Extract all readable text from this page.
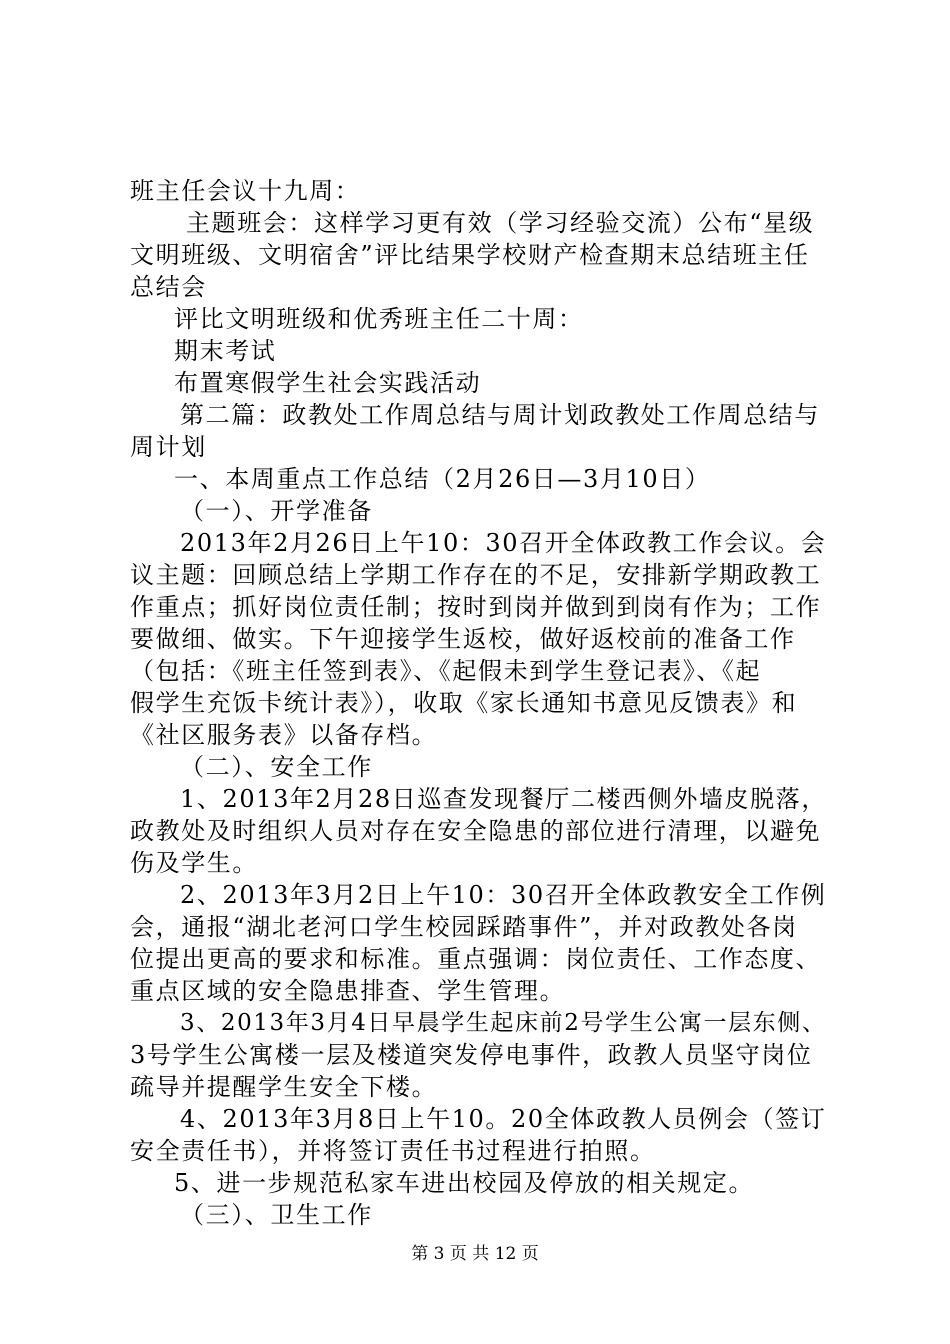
班主任会议十九周：

主题班会：这样学习更有效（学习经验交流）公布“星级

文明班级、文明宿舍”评比结果学校财产检查期末总结班主任

总结会

评比文明班级和优秀班主任二十周：

期末考试

布置寒假学生社会实践活动

第二篇：政教处工作周总结与周计划政教处工作周总结与

周计划

一、本周重点工作总结（2月26日—3月10日）

（一）、开学准备

2013年2月26日上午10：30召开全体政教工作会议。会

议主题：回顾总结上学期工作存在的不足，安排新学期政教工

作重点；抓好岗位责任制；按时到岗并做到到岗有作为；工作

要做细、做实。下午迎接学生返校，做好返校前的准备工作

（包括：《班主任签到表》、《起假未到学生登记表》、《起

假学生充饭卡统计表》），收取《家长通知书意见反馈表》和

《社区服务表》以备存档。

（二）、安全工作

1、2013年2月28日巡查发现餐厅二楼西侧外墙皮脱落，

政教处及时组织人员对存在安全隐患的部位进行清理，以避免

伤及学生。

2、2013年3月2日上午10：30召开全体政教安全工作例

会，通报“湖北老河口学生校园踩踏事件”，并对政教处各岗

位提出更高的要求和标准。重点强调：岗位责任、工作态度、

重点区域的安全隐患排查、学生管理。

3、2013年3月4日早晨学生起床前2号学生公寓一层东侧、

3号学生公寓楼一层及楼道突发停电事件，政教人员坚守岗位

疏导并提醒学生安全下楼。

4、2013年3月8日上午10。20全体政教人员例会（签订

安全责任书），并将签订责任书过程进行拍照。

5、进一步规范私家车进出校园及停放的相关规定。

（三）、卫生工作

第 3 页 共 12 页
